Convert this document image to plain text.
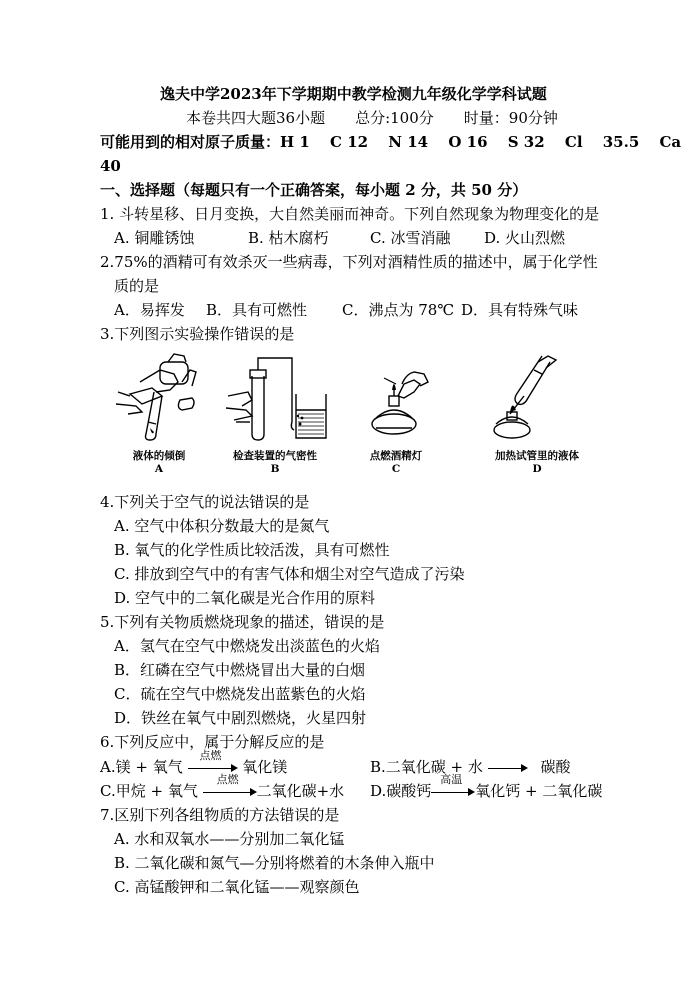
逸夫中学2023年下学期期中教学检测九年级化学学科试题
本卷共四大题36小题　　总分:100分　　时量：90分钟
可能用到的相对原子质量：H 1　 C 12　 N 14　 O 16　 S 32　 Cl　 35.5　 Ca
40
一、选择题（每题只有一个正确答案，每小题 2 分，共 50 分）
1. 斗转星移、日月变换，大自然美丽而神奇。下列自然现象为物理变化的是
A. 铜雕锈蚀	B. 枯木腐朽	C. 冰雪消融 D. 火山烈燃
2.75%的酒精可有效杀灭一些病毒，下列对酒精性质的描述中，属于化学性
质的是
A．易挥发 B．具有可燃性 C．沸点为 78℃ D．具有特殊气味
3.下列图示实验操作错误的是
液体的倾倒
A
检查装置的气密性
B
点燃酒精灯
C
加热试管里的液体
D
4.下列关于空气的说法错误的是
A. 空气中体积分数最大的是氮气
B. 氧气的化学性质比较活泼，具有可燃性
C. 排放到空气中的有害气体和烟尘对空气造成了污染
D. 空气中的二氧化碳是光合作用的原料
5.下列有关物质燃烧现象的描述，错误的是
A．氢气在空气中燃烧发出淡蓝色的火焰
B．红磷在空气中燃烧冒出大量的白烟
C．硫在空气中燃烧发出蓝紫色的火焰
D．铁丝在氧气中剧烈燃烧，火星四射
6.下列反应中，属于分解反应的是
A.镁 + 氧气
点燃
氧化镁	B.二氧化碳 + 水	碳酸
C.甲烷 + 氧气
点燃
二氧化碳+水 D.碳酸钙
高温
氧化钙 + 二氧化碳
7.区别下列各组物质的方法错误的是
A. 水和双氧水——分别加二氧化锰
B. 二氧化碳和氮气—分别将燃着的木条伸入瓶中
C. 高锰酸钾和二氧化锰——观察颜色
